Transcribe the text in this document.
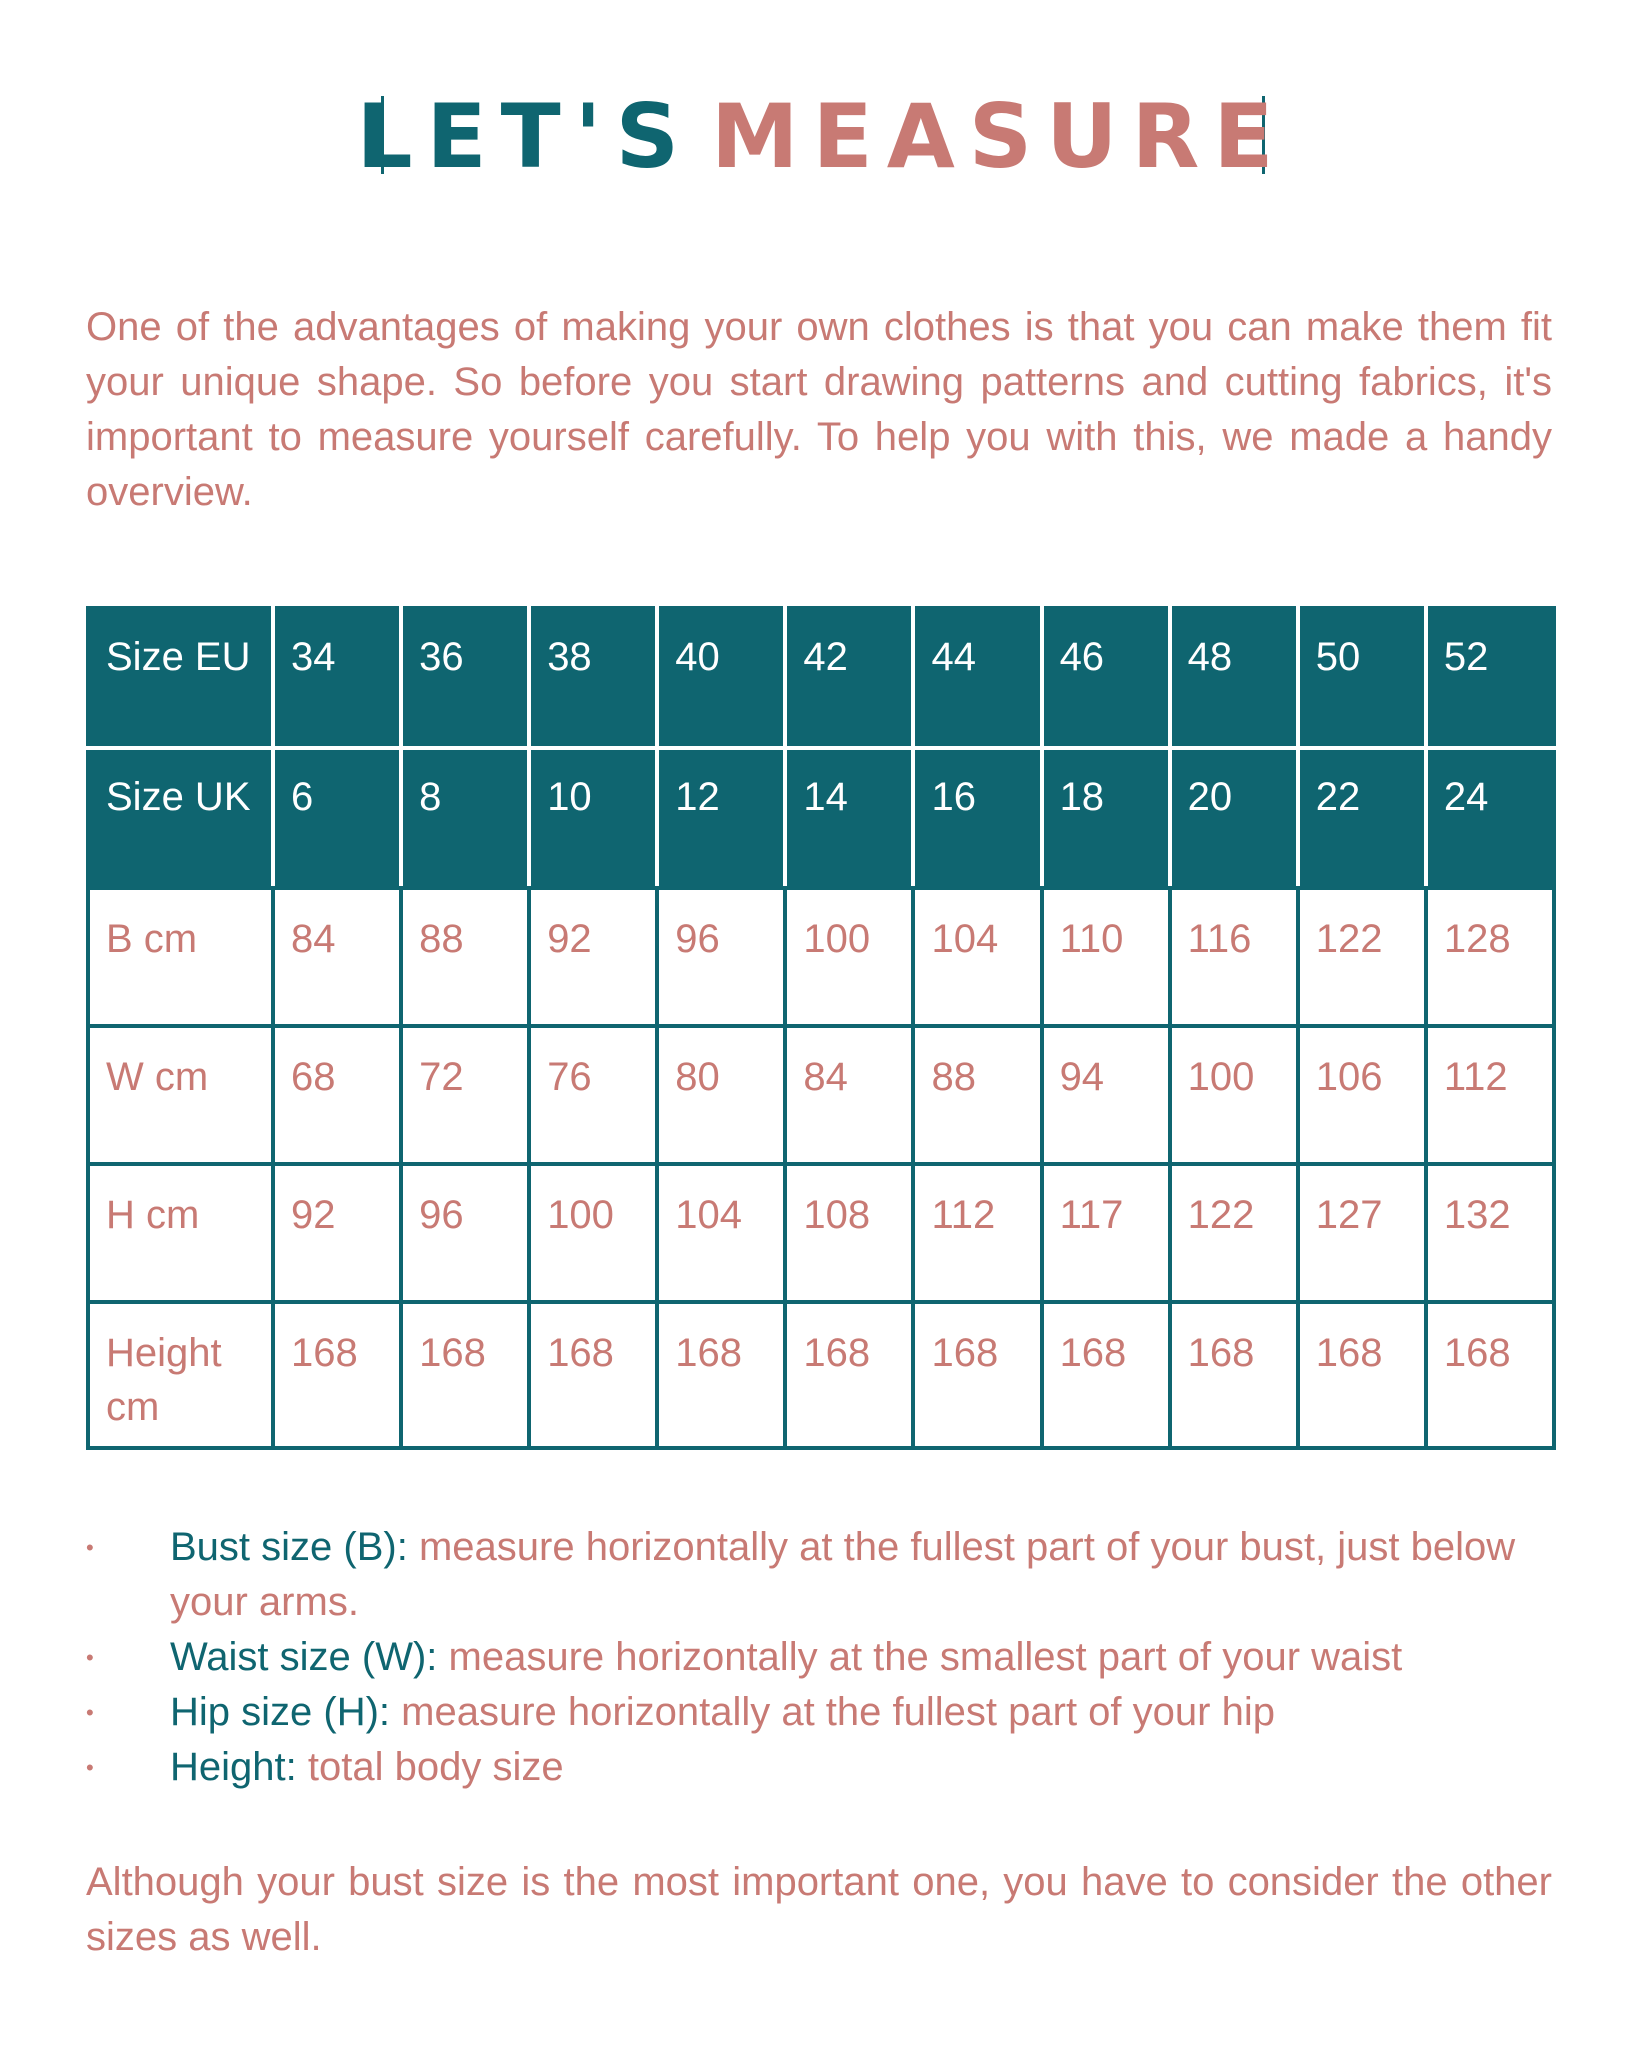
LET'S MEASURE

One of the advantages of making your own clothes is that you can make them fit your unique shape. So before you start drawing patterns and cutting fabrics, it's important to measure yourself carefully. To help you with this, we made a handy overview.

Size EU	34	36	38	40	42	44	46	48	50	52
Size UK	6	8	10	12	14	16	18	20	22	24
B cm	84	88	92	96	100	104	110	116	122	128
W cm	68	72	76	80	84	88	94	100	106	112
H cm	92	96	100	104	108	112	117	122	127	132
Height cm	168	168	168	168	168	168	168	168	168	168
•	Bust size (B): measure horizontally at the fullest part of your bust, just below your arms.
•	Waist size (W): measure horizontally at the smallest part of your waist
•	Hip size (H): measure horizontally at the fullest part of your hip
•	Height: total body size

Although your bust size is the most important one, you have to consider the other sizes as well.
